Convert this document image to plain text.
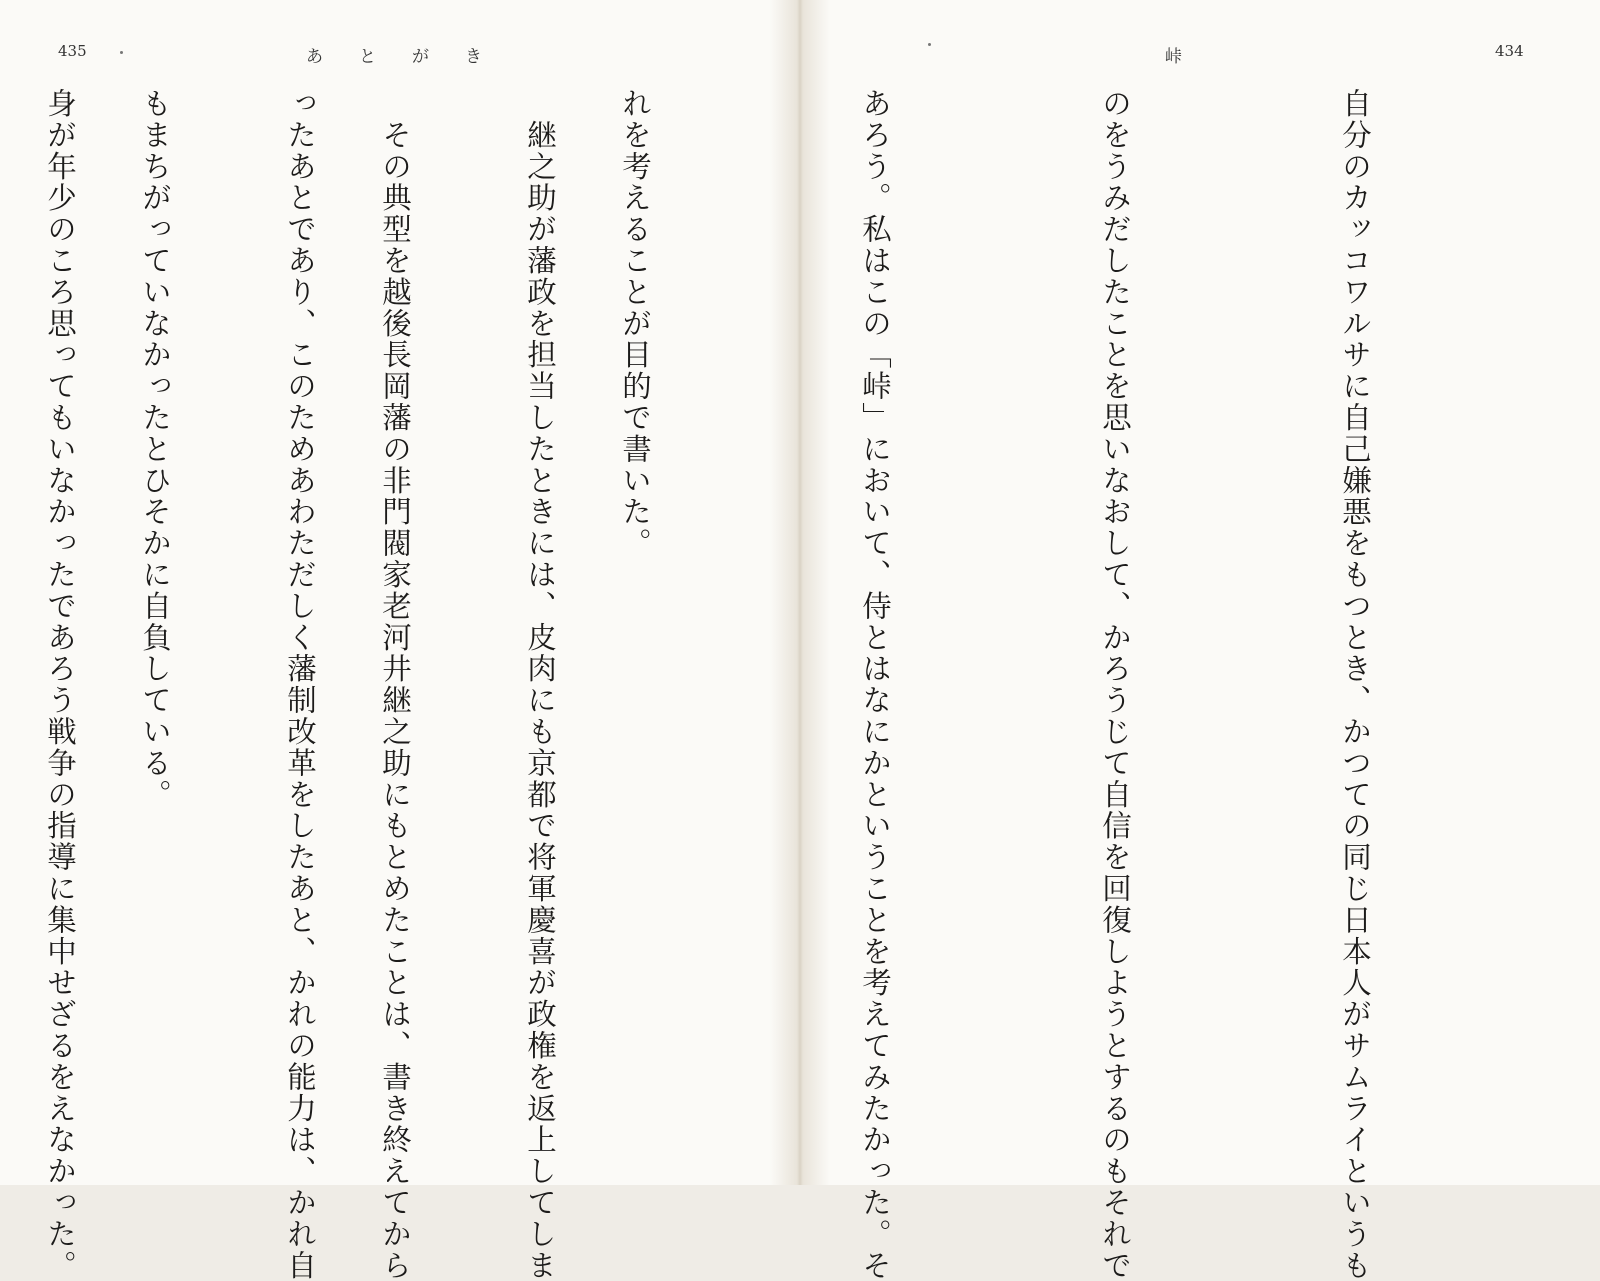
435	あとがき

　継之助が藩政を担当したときには、皮肉にも京都で将軍慶喜が政権を返上してしま

ったあとであり、このためあわただしく藩制改革をしたあと、かれの能力は、かれ自

身が年少のころ思ってもいなかったであろう戦争の指導に集中せざるをえなかった。

峠	434

自分のカッコワルサに自己嫌悪をもつとき、かつての同じ日本人がサムライというも

のをうみだしたことを思いなおして、かろうじて自信を回復しようとするのもそれで

あろう。私はこの「峠」において、侍とはなにかということを考えてみたかった。そ

れを考えることが目的で書いた。

　その典型を越後長岡藩の非門閥家老河井継之助にもとめたことは、書き終えてから

もまちがっていなかったとひそかに自負している。
